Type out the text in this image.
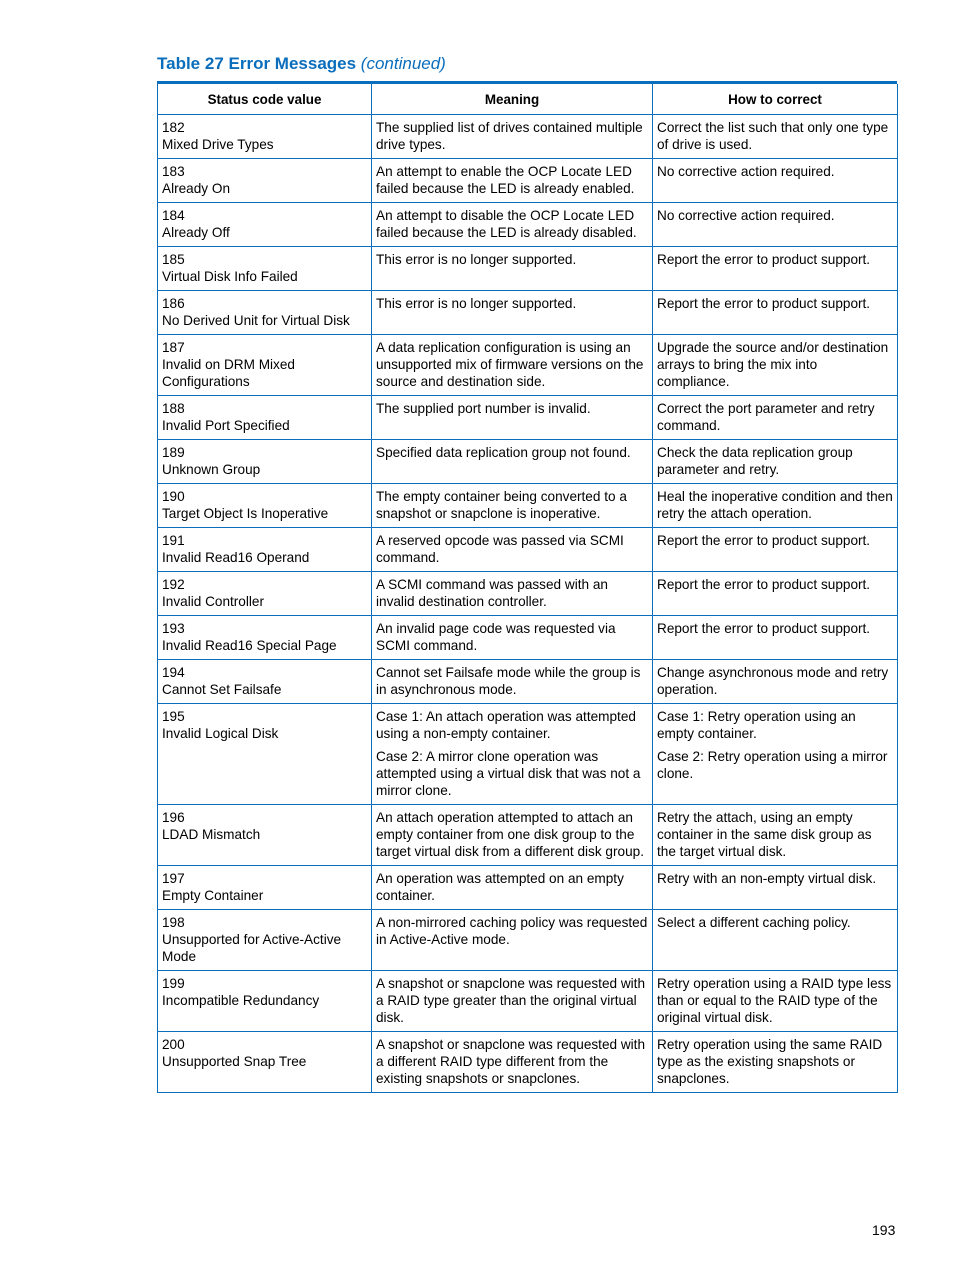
Table 27 Error Messages (continued)
Status code value	Meaning	How to correct

182
Mixed Drive Types	The supplied list of drives contained multiple drive types.	Correct the list such that only one type of drive is used.

183
Already On	An attempt to enable the OCP Locate LED failed because the LED is already enabled.	No corrective action required.

184
Already Off	An attempt to disable the OCP Locate LED failed because the LED is already disabled.	No corrective action required.

185
Virtual Disk Info Failed	This error is no longer supported.	Report the error to product support.

186
No Derived Unit for Virtual Disk	This error is no longer supported.	Report the error to product support.

187
Invalid on DRM Mixed Configurations	A data replication configuration is using an unsupported mix of firmware versions on the source and destination side.	Upgrade the source and/or destination arrays to bring the mix into compliance.

188
Invalid Port Specified	The supplied port number is invalid.	Correct the port parameter and retry command.

189
Unknown Group	Specified data replication group not found.	Check the data replication group parameter and retry.

190
Target Object Is Inoperative	The empty container being converted to a snapshot or snapclone is inoperative.	Heal the inoperative condition and then retry the attach operation.

191
Invalid Read16 Operand	A reserved opcode was passed via SCMI command.	Report the error to product support.

192
Invalid Controller	A SCMI command was passed with an invalid destination controller.	Report the error to product support.

193
Invalid Read16 Special Page	An invalid page code was requested via SCMI command.	Report the error to product support.

194
Cannot Set Failsafe	Cannot set Failsafe mode while the group is in asynchronous mode.	Change asynchronous mode and retry operation.

195
Invalid Logical Disk	Case 1: An attach operation was attempted using a non-empty container.
Case 2: A mirror clone operation was attempted using a virtual disk that was not a mirror clone.	Case 1: Retry operation using an empty container.
Case 2: Retry operation using a mirror clone.

196
LDAD Mismatch	An attach operation attempted to attach an empty container from one disk group to the target virtual disk from a different disk group.	Retry the attach, using an empty container in the same disk group as the target virtual disk.

197
Empty Container	An operation was attempted on an empty container.	Retry with an non-empty virtual disk.

198
Unsupported for Active-Active Mode	A non-mirrored caching policy was requested in Active-Active mode.	Select a different caching policy.

199
Incompatible Redundancy	A snapshot or snapclone was requested with a RAID type greater than the original virtual disk.	Retry operation using a RAID type less than or equal to the RAID type of the original virtual disk.

200
Unsupported Snap Tree	A snapshot or snapclone was requested with a different RAID type different from the existing snapshots or snapclones.	Retry operation using the same RAID type as the existing snapshots or snapclones.
193
